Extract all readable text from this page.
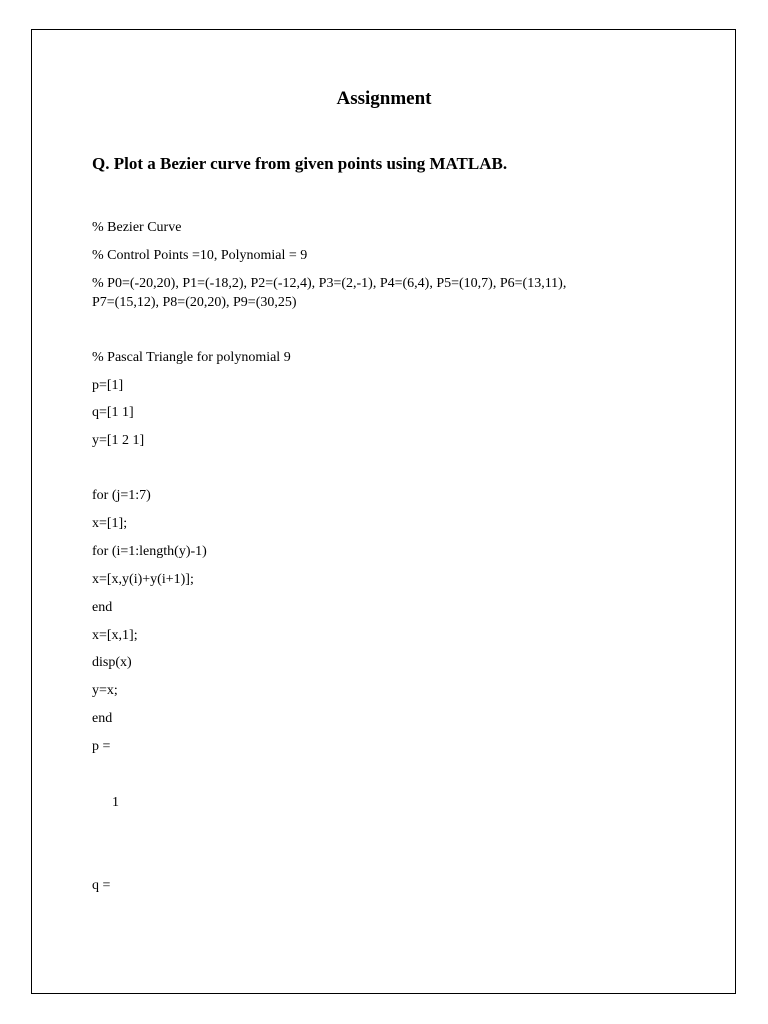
Assignment

Q. Plot a Bezier curve from given points using MATLAB.

% Bezier Curve

% Control Points =10, Polynomial = 9

% P0=(-20,20), P1=(-18,2), P2=(-12,4), P3=(2,-1), P4=(6,4), P5=(10,7), P6=(13,11),

P7=(15,12), P8=(20,20), P9=(30,25)

% Pascal Triangle for polynomial 9

p=[1]

q=[1 1]

y=[1 2 1]

for (j=1:7)

x=[1];

for (i=1:length(y)-1)

x=[x,y(i)+y(i+1)];

end

x=[x,1];

disp(x)

y=x;

end

p =

1

q =
